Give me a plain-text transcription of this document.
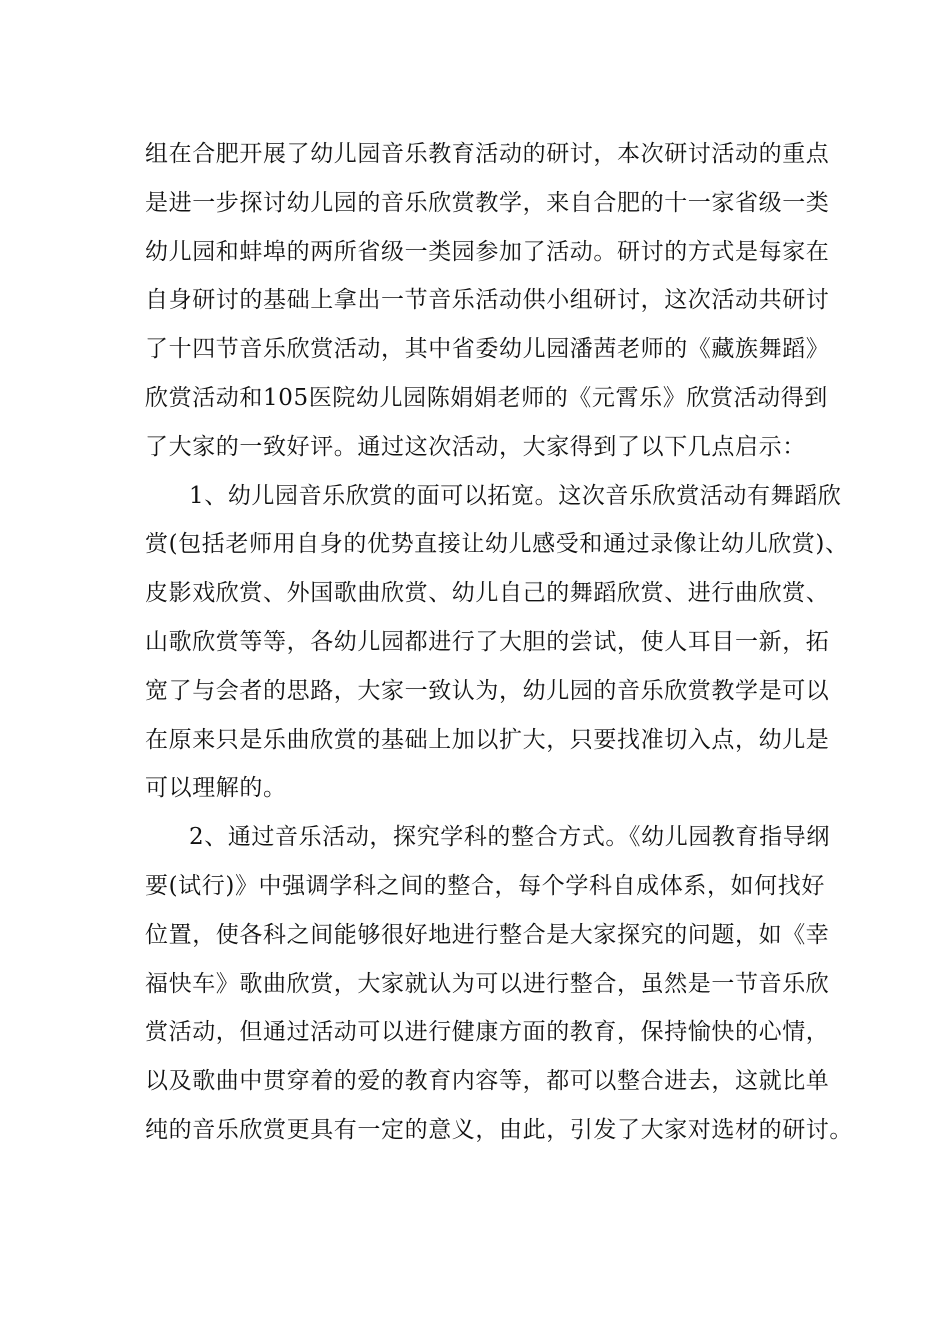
组在合肥开展了幼儿园音乐教育活动的研讨，本次研讨活动的重点
是进一步探讨幼儿园的音乐欣赏教学，来自合肥的十一家省级一类
幼儿园和蚌埠的两所省级一类园参加了活动。研讨的方式是每家在
自身研讨的基础上拿出一节音乐活动供小组研讨，这次活动共研讨
了十四节音乐欣赏活动，其中省委幼儿园潘茜老师的《藏族舞蹈》
欣赏活动和105医院幼儿园陈娟娟老师的《元霄乐》欣赏活动得到
了大家的一致好评。通过这次活动，大家得到了以下几点启示：
1、幼儿园音乐欣赏的面可以拓宽。这次音乐欣赏活动有舞蹈欣
赏(包括老师用自身的优势直接让幼儿感受和通过录像让幼儿欣赏)、
皮影戏欣赏、外国歌曲欣赏、幼儿自己的舞蹈欣赏、进行曲欣赏、
山歌欣赏等等，各幼儿园都进行了大胆的尝试，使人耳目一新，拓
宽了与会者的思路，大家一致认为，幼儿园的音乐欣赏教学是可以
在原来只是乐曲欣赏的基础上加以扩大，只要找准切入点，幼儿是
可以理解的。
2、通过音乐活动，探究学科的整合方式。《幼儿园教育指导纲
要(试行)》中强调学科之间的整合，每个学科自成体系，如何找好
位置，使各科之间能够很好地进行整合是大家探究的问题，如《幸
福快车》歌曲欣赏，大家就认为可以进行整合，虽然是一节音乐欣
赏活动，但通过活动可以进行健康方面的教育，保持愉快的心情，
以及歌曲中贯穿着的爱的教育内容等，都可以整合进去，这就比单
纯的音乐欣赏更具有一定的意义，由此，引发了大家对选材的研讨。
